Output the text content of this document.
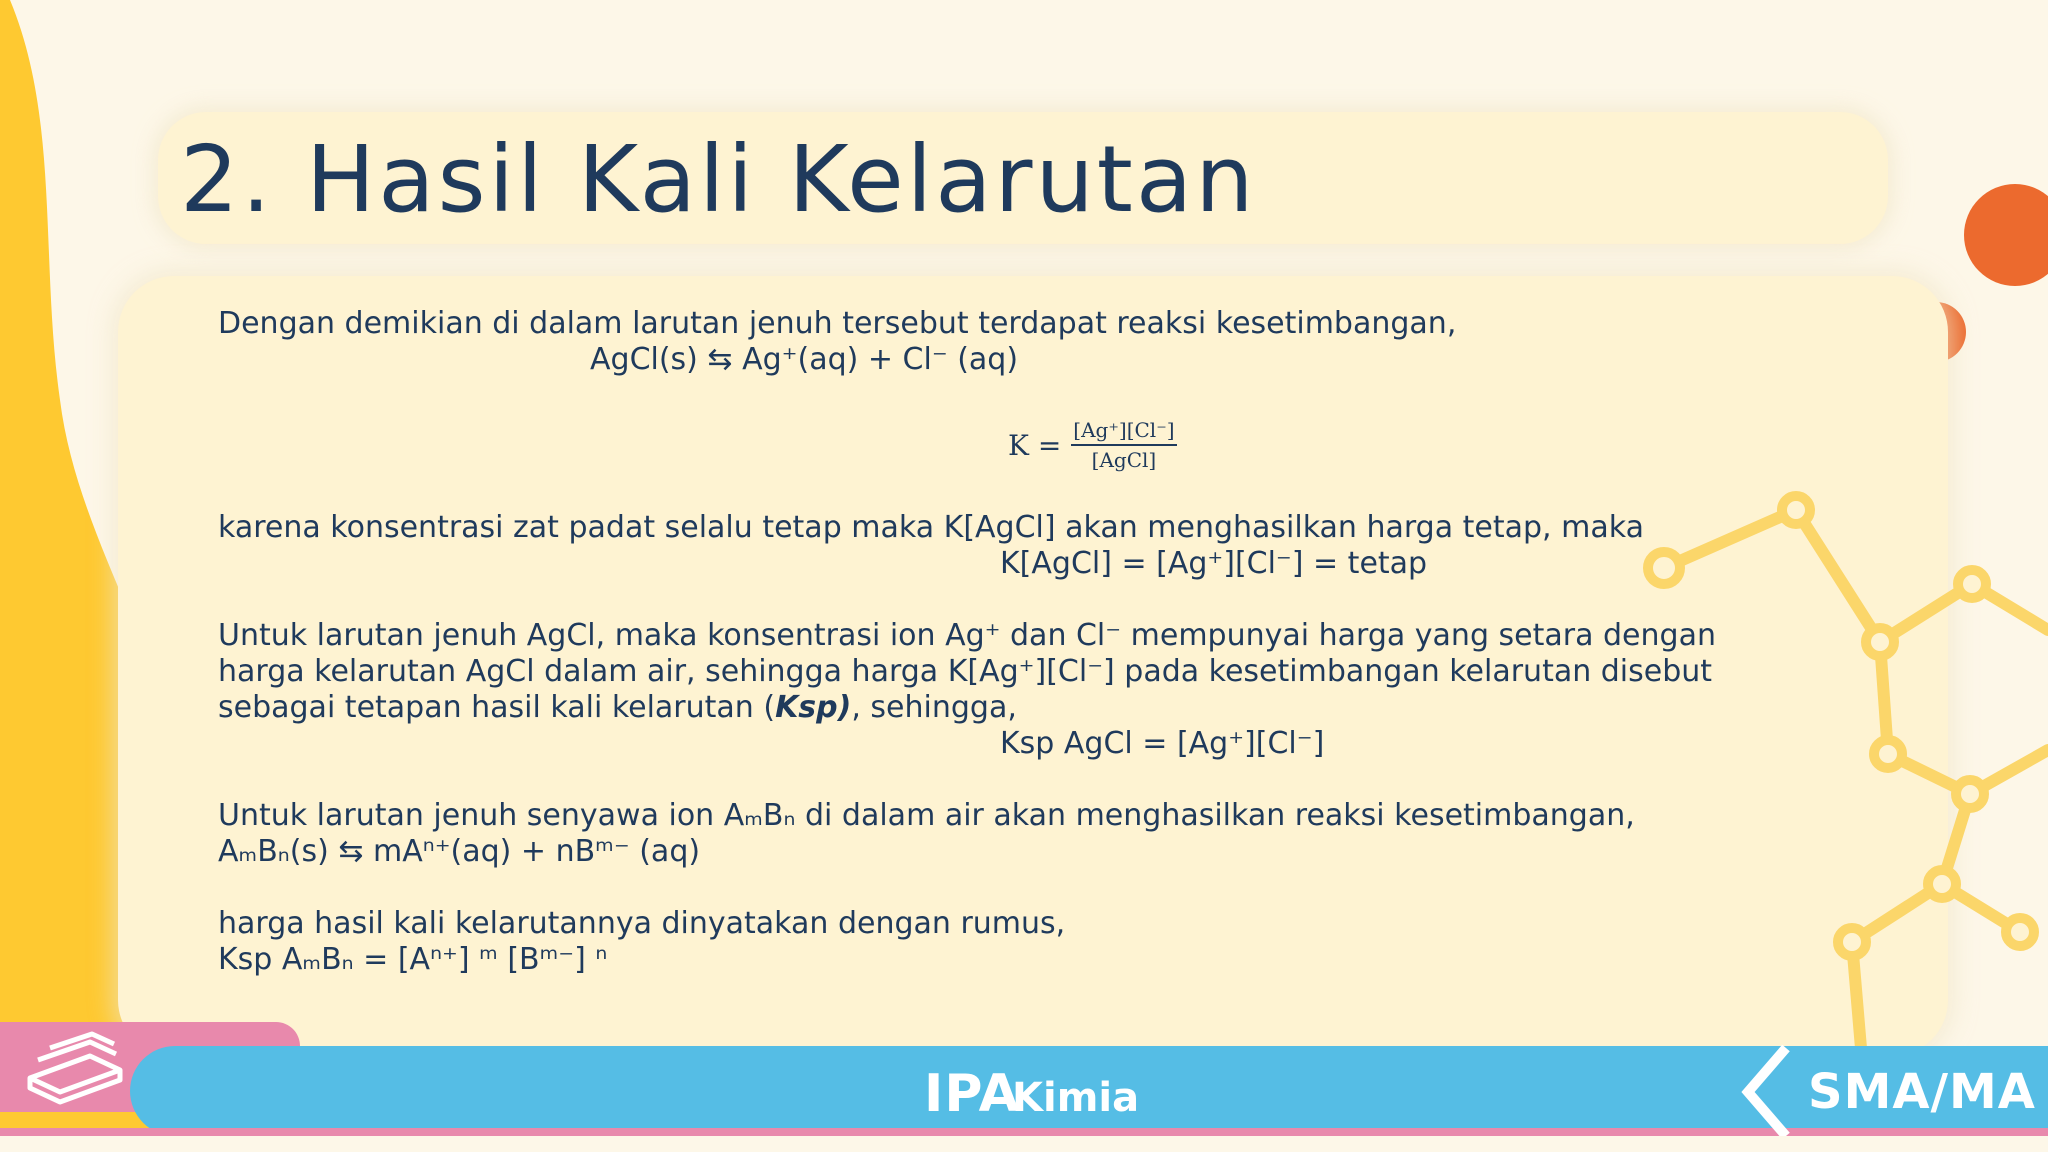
2. Hasil Kali Kelarutan
Dengan demikian di dalam larutan jenuh tersebut terdapat reaksi kesetimbangan,
AgCl(s) ⇆ Ag⁺(aq) + Cl⁻ (aq)
$K = \frac{[Ag^+][Cl^-]}{\text{[AgCl]}}$
karena konsentrasi zat padat selalu tetap maka K[AgCl] akan menghasilkan harga tetap, maka
K[AgCl] = [Ag⁺][Cl⁻] = tetap
Untuk larutan jenuh AgCl, maka konsentrasi ion Ag⁺ dan Cl⁻ mempunyai harga yang setara dengan
harga kelarutan AgCl dalam air, sehingga harga K[Ag⁺][Cl⁻] pada kesetimbangan kelarutan disebut
sebagai tetapan hasil kali kelarutan (Ksp), sehingga,
Ksp AgCl = [Ag⁺][Cl⁻]
Untuk larutan jenuh senyawa ion AₘBₙ di dalam air akan menghasilkan reaksi kesetimbangan,
AₘBₙ(s) ⇆ mAⁿ⁺(aq) + nBᵐ⁻ (aq)
harga hasil kali kelarutannya dinyatakan dengan rumus,
Ksp AₘBₙ = [Aⁿ⁺] ᵐ [Bᵐ⁻] ⁿ
IPA
Kimia	SMA/MA
